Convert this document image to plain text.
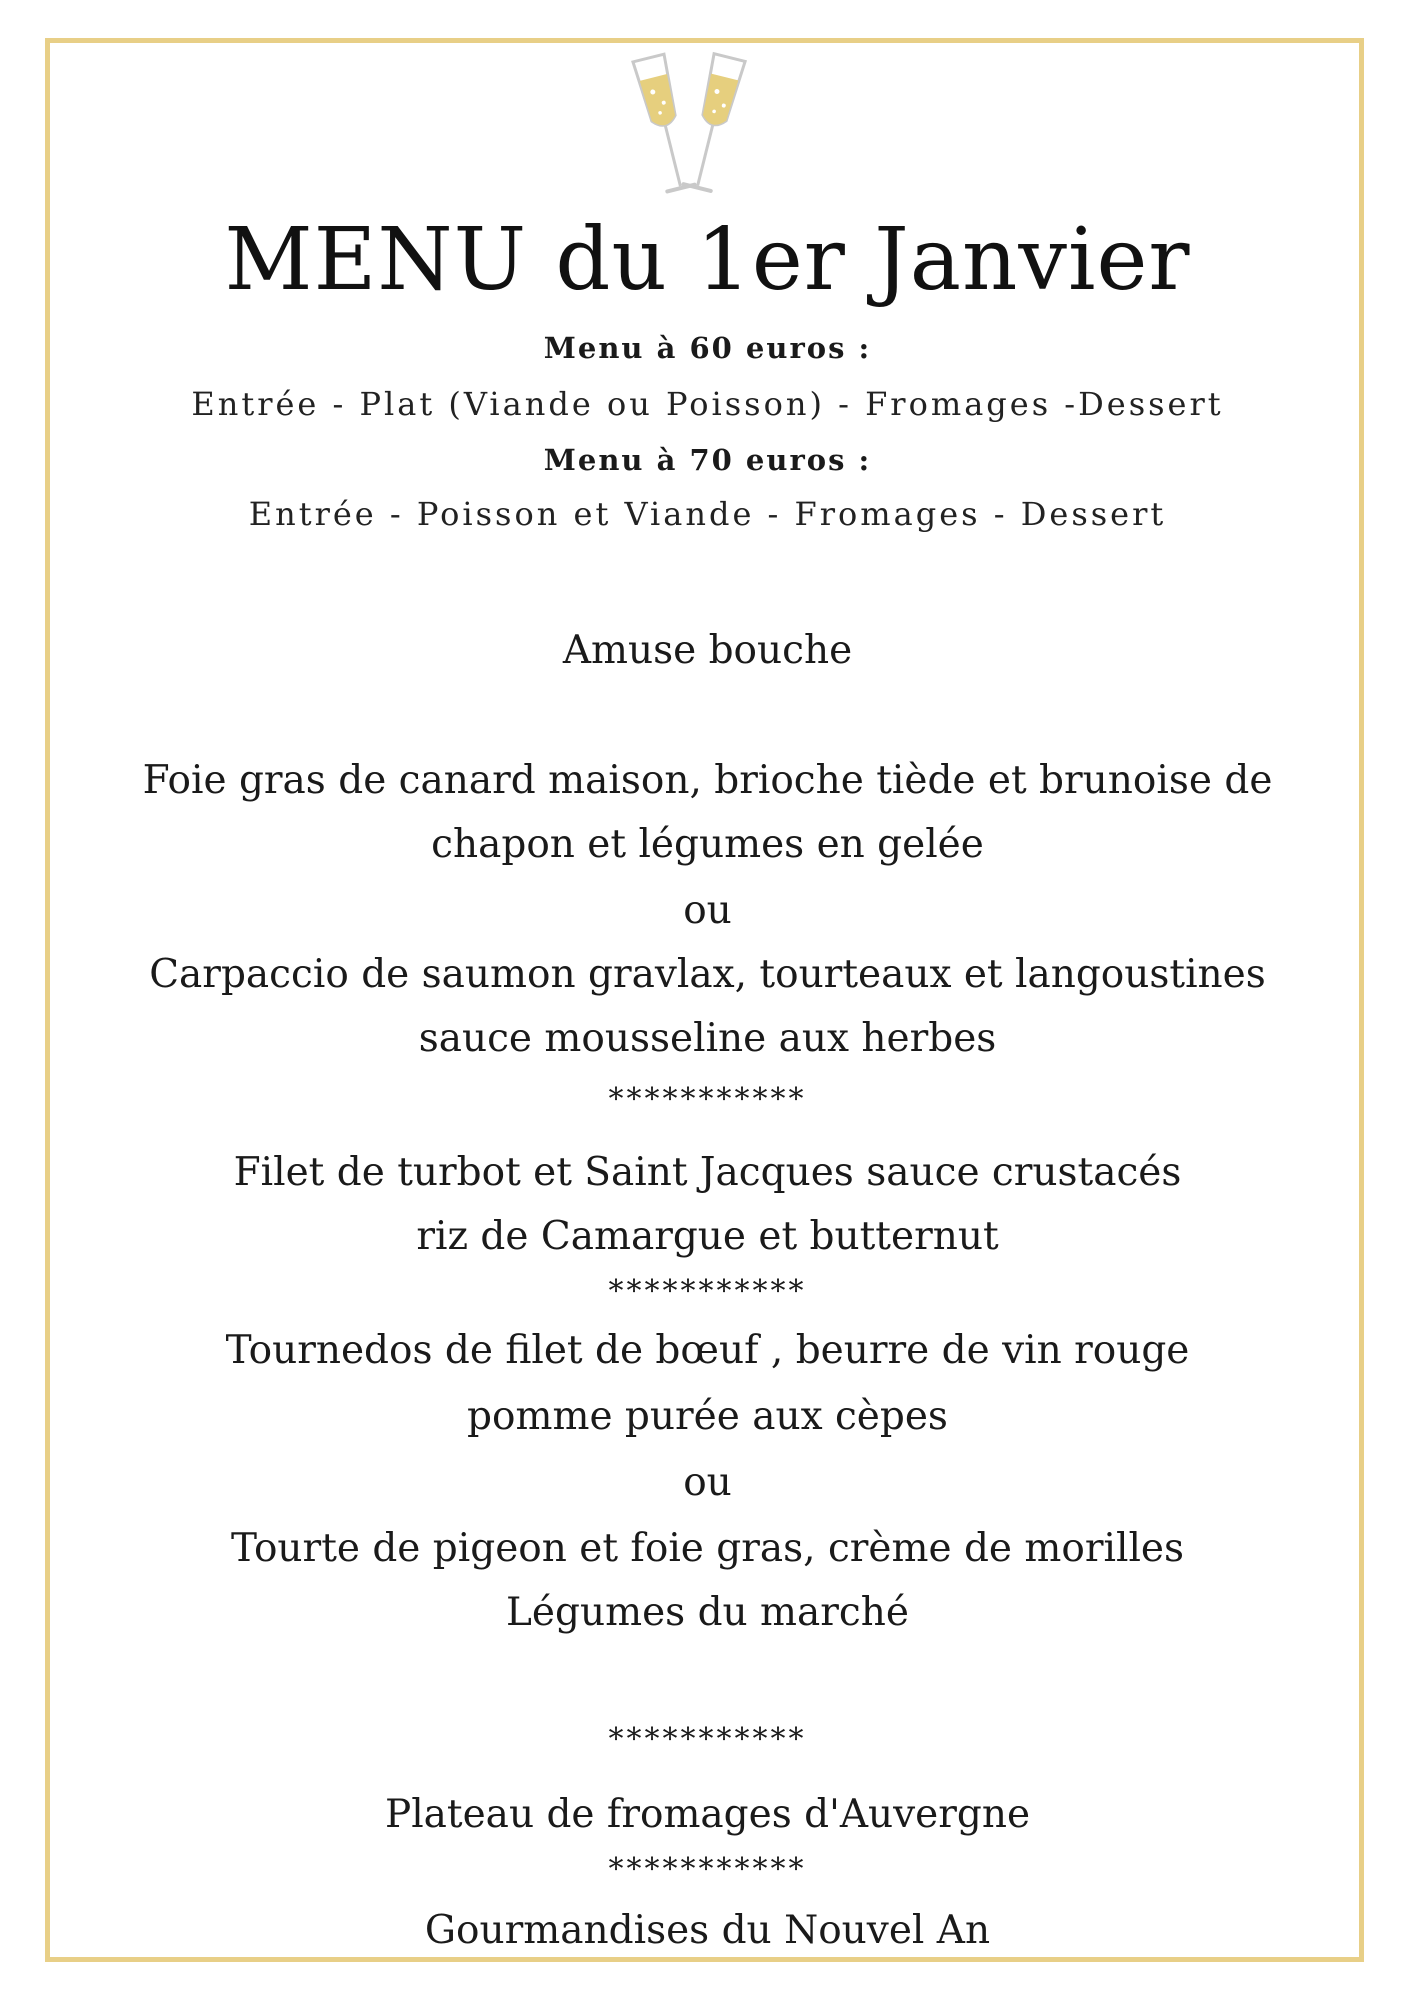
MENU du 1er Janvier
Menu à 60 euros :
Entrée - Plat (Viande ou Poisson) - Fromages -Dessert
Menu à 70 euros :
Entrée - Poisson et Viande - Fromages - Dessert
Amuse bouche
Foie gras de canard maison, brioche tiède et brunoise de
chapon et légumes en gelée
ou
Carpaccio de saumon gravlax, tourteaux et langoustines
sauce mousseline aux herbes
***********
Filet de turbot et Saint Jacques sauce crustacés
riz de Camargue et butternut
***********
Tournedos de filet de bœuf , beurre de vin rouge
pomme purée aux cèpes
ou
Tourte de pigeon et foie gras, crème de morilles
Légumes du marché
***********
Plateau de fromages d'Auvergne
***********
Gourmandises du Nouvel An
